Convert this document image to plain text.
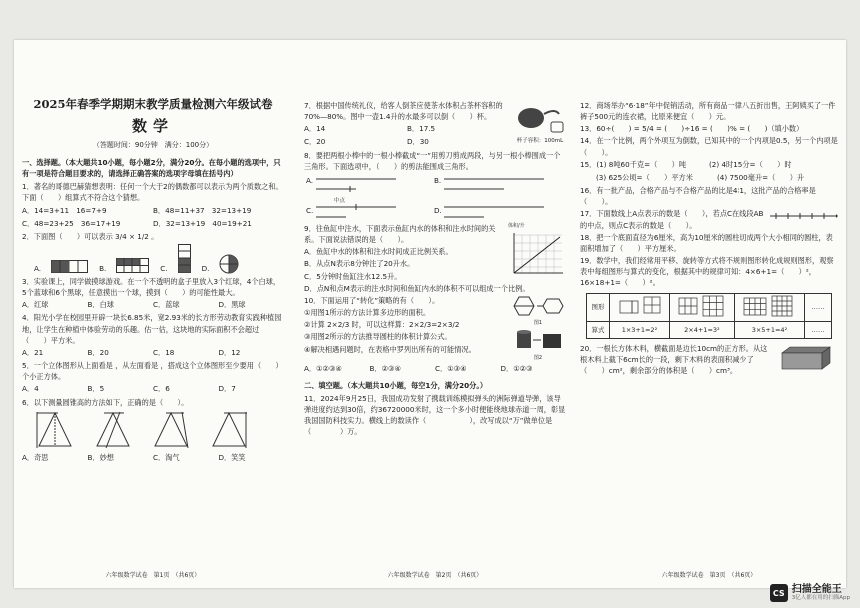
2025年春季学期期末教学质量检测六年级试卷
数学
（答题时间：90分钟　满分：100分）
一、选择题。（本大题共10小题，每小题2分，满分20分。在每小题的选项中，只有一项是符合题目要求的，请选择正确答案的选项字母填在括号内）
1．著名的哥德巴赫猜想表明：任何一个大于2的偶数都可以表示为两个质数之和。下面（　　）组算式不符合这个猜想。
A．14=3+11　16=7+9	B．48=11+37　32=13+19
C．48=23+25　36=17+19	D．32=13+19　40=19+21
2．下面图（　　）可以表示 3/4 × 1/2 。
A.	B.	C.	D.
3．实验课上，同学做摸球游戏。在一个不透明的盒子里放入3个红球，4个白球，5个蓝球和6个黑球，任意摸出一个球，摸到（　　）的可能性最大。
A．红球	B．白球	C．蓝球	D．黑球
4．阳光小学在校园里开辟一块长6.85米，宽2.93米的长方形劳动教育实践种植园地，让学生在种植中体验劳动的乐趣。估一估，这块地的实际面积不会超过（　　）平方米。
A．21	B．20	C．18	D．12
5．一个立体图形从上面看是 ，从左面看是 ，搭成这个立体图形至少要用（　　）个小正方体。
A．4	B．5	C．6	D．7
6．以下测量圆锥高的方法如下，正确的是（　　）。
A．奇思	B．妙想	C．淘气	D．笑笑
六年级数学试卷　第1页　（共6页）
7．根据中国传统礼仪，给客人倒茶应使茶水体积占茶杯容积的70%—80%。图中一壶1.4升的水最多可以倒（　　）杯。
A．14	B．17.5
C．20	D．30	杯子容积：100mL
8．要把两根小棒中的一根小棒截成“一”用剪刀剪成两段，与另一根小棒围成一个三角形。下面选项中，（　　）的剪法能围成三角形。
A.	B.
中点
C.	D.
9．往鱼缸中注水，下面表示鱼缸内水的体积和注水时间的关系。下面说法错误的是（　　）。
A．鱼缸中水的体积和注水时间成正比例关系。
B．从点N表示8分钟注了20升水。
C．5分钟时鱼缸注水12.5升。
体积/升
D．点N和点M表示的注水时间和鱼缸内水的体积不可以组成一个比例。
10．下面运用了“转化”策略的有（　　）。
①用图1所示的方法计算多边形的面积。
②计算 2×2/3 时，可以这样算：2×2/3=2×3/2
③用图2所示的方法推导圆柱的体积计算公式。
④解决相遇问题时，在表格中罗列出所有的可能情况。
图1
图2
A．①②③④	B．②③④	C．①③④	D．①②③
二、填空题。（本大题共10小题，每空1分，满分20分。）
11．2024年9月25日，我国成功发射了携载训练模拟弹头的洲际弹道导弹，该导弹进度约达到30倍，约36720000米时，这一个多小时便能绕地球赤道一周，彰显我国国防科技实力。横线上的数读作（　　　　　　），改写成以“万”做单位是（　　　　）万。
六年级数学试卷　第2页　（共6页）
12．商场举办“6·18”年中促销活动，所有商品一律八五折出售，王阿姨买了一件裤子500元的连衣裙，比原来便宜（　　）元。
13．60÷(　　) = 5/4 = (　　)÷16 = (　　)% = (　　)（填小数）
14．在一个比例，两个外项互为倒数，已知其中的一个内项是0.5，另一个内项是（　　）。
15．(1) 8吨60千克=（　　）吨	(2) 4时15分=（　　）时
(3) 625公顷=（　　）平方米	(4) 7500毫升=（　　）升
16．有一批产品，合格产品与不合格产品的比是4∶1，这批产品的合格率是（　　）。
17．下面数线上A点表示的数是（　　），若点C在线段AB的中点，则点C表示的数是（　　）。
18．把一个底面直径为6厘米，高为10厘米的圆柱切成两个大小相同的圆柱，表面积增加了（　　）平方厘米。
19．数学中，我们经常用平移、旋转等方式将不规则图形转化成规则图形，观察表中每组图形与算式的变化，根据其中的规律可知：4×6+1=（　　）²，16×18+1=（　　）²。
图形				……
算式	1×3+1=2²	2×4+1=3²	3×5+1=4²	……
20．一根长方体木料，横截面是边长10cm的正方形。从这根木料上截下6cm长的一段，剩下木料的表面积减少了（　　）cm²，剩余部分的体积是（　　）cm³。
六年级数学试卷　第3页　（共6页）
CS 扫描全能王
3亿人都在用的扫描App
